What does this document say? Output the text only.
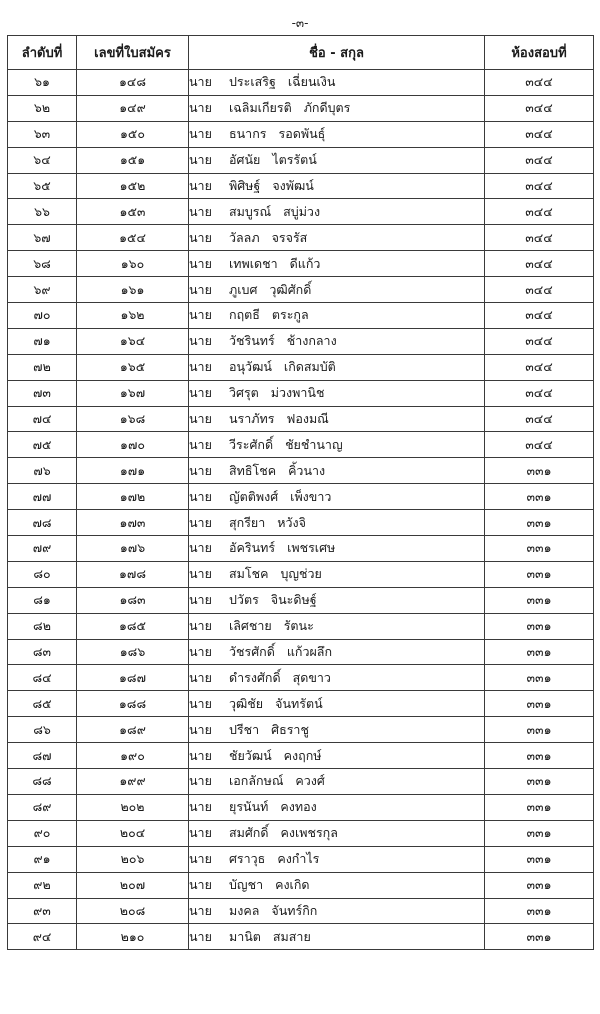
-๓-
ลำดับที่	เลขที่ใบสมัคร	ชื่อ - สกุล	ห้องสอบที่
๖๑	๑๔๘	นาย ประเสริฐ เฉี่ยนเงิน	๓๔๔
๖๒	๑๔๙	นาย เฉลิมเกียรติ ภักดีบุตร	๓๔๔
๖๓	๑๕๐	นาย ธนากร รอดพันธุ์	๓๔๔
๖๔	๑๕๑	นาย อัศนัย ไตรรัตน์	๓๔๔
๖๕	๑๕๒	นาย พิศิษฐ์ จงพัฒน์	๓๔๔
๖๖	๑๕๓	นาย สมบูรณ์ สบู่ม่วง	๓๔๔
๖๗	๑๕๔	นาย วัลลภ จรจรัส	๓๔๔
๖๘	๑๖๐	นาย เทพเดชา ดีแก้ว	๓๔๔
๖๙	๑๖๑	นาย ภูเบศ วุฒิศักดิ์	๓๔๔
๗๐	๑๖๒	นาย กฤตธี ตระกูล	๓๔๔
๗๑	๑๖๔	นาย วัชรินทร์ ช้างกลาง	๓๔๔
๗๒	๑๖๕	นาย อนุวัฒน์ เกิดสมบัติ	๓๔๔
๗๓	๑๖๗	นาย วิศรุต ม่วงพานิช	๓๔๔
๗๔	๑๖๘	นาย นราภัทร ฟองมณี	๓๔๔
๗๕	๑๗๐	นาย วีระศักดิ์ ชัยชำนาญ	๓๔๔
๗๖	๑๗๑	นาย สิทธิโชค คิ้วนาง	๓๓๑
๗๗	๑๗๒	นาย ญัตติพงศ์ เพ็งขาว	๓๓๑
๗๘	๑๗๓	นาย สุกรียา หวังจิ	๓๓๑
๗๙	๑๗๖	นาย อัครินทร์ เพชรเศษ	๓๓๑
๘๐	๑๗๘	นาย สมโชค บุญช่วย	๓๓๑
๘๑	๑๘๓	นาย ปวัตร จินะดิษฐ์	๓๓๑
๘๒	๑๘๕	นาย เลิศชาย รัตนะ	๓๓๑
๘๓	๑๘๖	นาย วัชรศักดิ์ แก้วผลึก	๓๓๑
๘๔	๑๘๗	นาย ดำรงศักดิ์ สุดขาว	๓๓๑
๘๕	๑๘๘	นาย วุฒิชัย จันทรัตน์	๓๓๑
๘๖	๑๘๙	นาย ปรีชา ศิธราชู	๓๓๑
๘๗	๑๙๐	นาย ชัยวัฒน์ คงฤกษ์	๓๓๑
๘๘	๑๙๙	นาย เอกลักษณ์ ควงศ์	๓๓๑
๘๙	๒๐๒	นาย ยุรนันท์ คงทอง	๓๓๑
๙๐	๒๐๔	นาย สมศักดิ์ คงเพชรกุล	๓๓๑
๙๑	๒๐๖	นาย ศราวุธ คงกำไร	๓๓๑
๙๒	๒๐๗	นาย บัญชา คงเกิด	๓๓๑
๙๓	๒๐๘	นาย มงคล จันทร์กิก	๓๓๑
๙๔	๒๑๐	นาย มานิต สมสาย	๓๓๑
